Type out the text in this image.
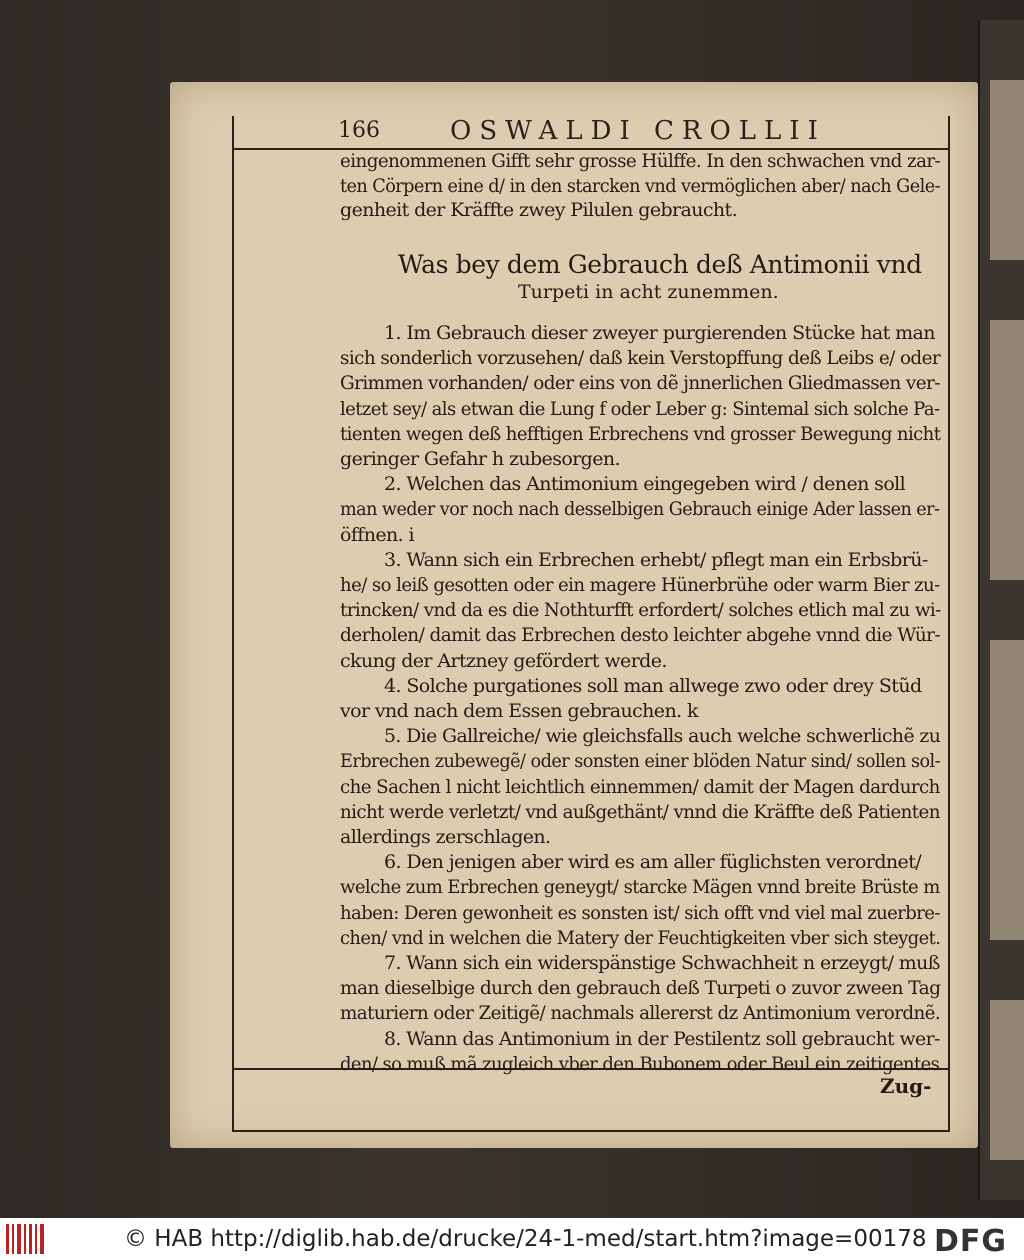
166	OSWALDI CROLLII
eingenommenen Gifft sehr grosse Hülffe. In den schwachen vnd zar-
ten Cörpern eine d/ in den starcken vnd vermöglichen aber/ nach Gele-
genheit der Kräffte zwey Pilulen gebraucht.
Was bey dem Gebrauch deß Antimonii vnd
Turpeti in acht zunemmen.
1. Im Gebrauch dieser zweyer purgierenden Stücke hat man
sich sonderlich vorzusehen/ daß kein Verstopffung deß Leibs e/ oder
Grimmen vorhanden/ oder eins von dẽ jnnerlichen Gliedmassen ver-
letzet sey/ als etwan die Lung f oder Leber g: Sintemal sich solche Pa-
tienten wegen deß hefftigen Erbrechens vnd grosser Bewegung nicht
geringer Gefahr h zubesorgen.
2. Welchen das Antimonium eingegeben wird / denen soll
man weder vor noch nach desselbigen Gebrauch einige Ader lassen er-
öffnen. i
3. Wann sich ein Erbrechen erhebt/ pflegt man ein Erbsbrü-
he/ so leiß gesotten oder ein magere Hünerbrühe oder warm Bier zu-
trincken/ vnd da es die Nothturfft erfordert/ solches etlich mal zu wi-
derholen/ damit das Erbrechen desto leichter abgehe vnnd die Wür-
ckung der Artzney gefördert werde.
4. Solche purgationes soll man allwege zwo oder drey Stũd
vor vnd nach dem Essen gebrauchen. k
5. Die Gallreiche/ wie gleichsfalls auch welche schwerlichẽ zu
Erbrechen zubewegẽ/ oder sonsten einer blöden Natur sind/ sollen sol-
che Sachen l nicht leichtlich einnemmen/ damit der Magen dardurch
nicht werde verletzt/ vnd außgethänt/ vnnd die Kräffte deß Patienten
allerdings zerschlagen.
6. Den jenigen aber wird es am aller füglichsten verordnet/
welche zum Erbrechen geneygt/ starcke Mägen vnnd breite Brüste m
haben: Deren gewonheit es sonsten ist/ sich offt vnd viel mal zuerbre-
chen/ vnd in welchen die Matery der Feuchtigkeiten vber sich steyget.
7. Wann sich ein widerspänstige Schwachheit n erzeygt/ muß
man dieselbige durch den gebrauch deß Turpeti o zuvor zween Tag
maturiern oder Zeitigẽ/ nachmals allererst dz Antimonium verordnẽ.
8. Wann das Antimonium in der Pestilentz soll gebraucht wer-
den/ so muß mã zugleich vber den Bubonem oder Beul ein zeitigentes
Zug-
© HAB http://diglib.hab.de/drucke/24-1-med/start.htm?image=00178 DFG
